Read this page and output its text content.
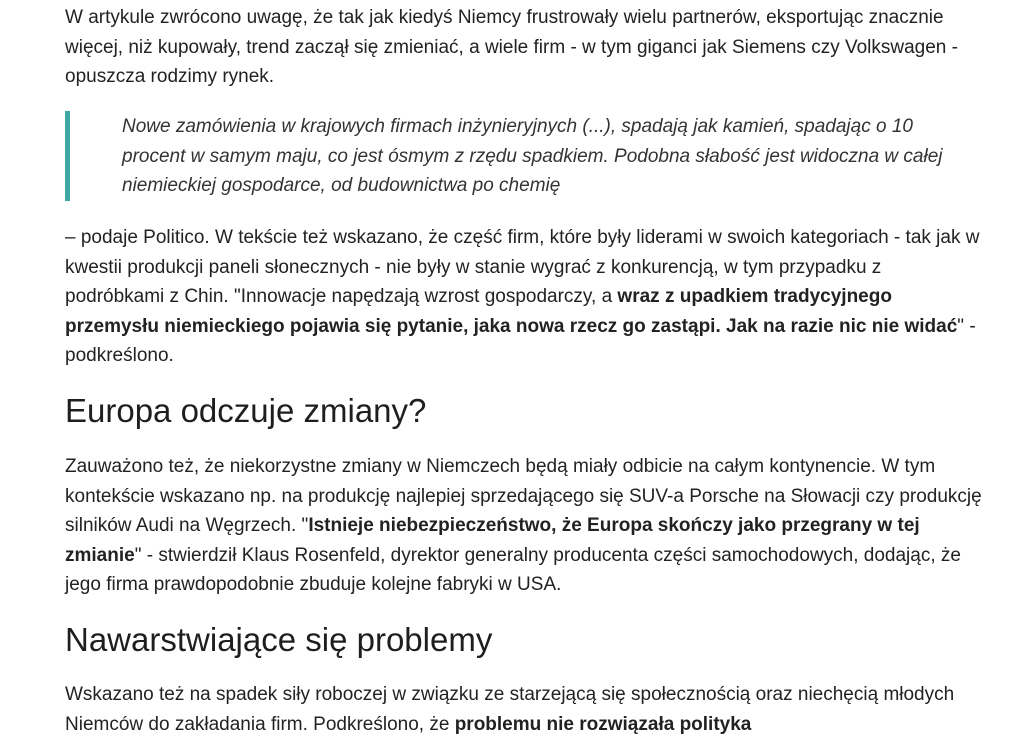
W artykule zwrócono uwagę, że tak jak kiedyś Niemcy frustrowały wielu partnerów, eksportując znacznie więcej, niż kupowały, trend zaczął się zmieniać, a wiele firm - w tym giganci jak Siemens czy Volkswagen - opuszcza rodzimy rynek.

Nowe zamówienia w krajowych firmach inżynieryjnych (...), spadają jak kamień, spadając o 10 procent w samym maju, co jest ósmym z rzędu spadkiem. Podobna słabość jest widoczna w całej niemieckiej gospodarce, od budownictwa po chemię

– podaje Politico. W tekście też wskazano, że część firm, które były liderami w swoich kategoriach - tak jak w kwestii produkcji paneli słonecznych - nie były w stanie wygrać z konkurencją, w tym przypadku z podróbkami z Chin. "Innowacje napędzają wzrost gospodarczy, a wraz z upadkiem tradycyjnego przemysłu niemieckiego pojawia się pytanie, jaka nowa rzecz go zastąpi. Jak na razie nic nie widać" - podkreślono.

Europa odczuje zmiany?

Zauważono też, że niekorzystne zmiany w Niemczech będą miały odbicie na całym kontynencie. W tym kontekście wskazano np. na produkcję najlepiej sprzedającego się SUV-a Porsche na Słowacji czy produkcję silników Audi na Węgrzech. "Istnieje niebezpieczeństwo, że Europa skończy jako przegrany w tej zmianie" - stwierdził Klaus Rosenfeld, dyrektor generalny producenta części samochodowych, dodając, że jego firma prawdopodobnie zbuduje kolejne fabryki w USA.

Nawarstwiające się problemy

Wskazano też na spadek siły roboczej w związku ze starzejącą się społecznością oraz niechęcią młodych Niemców do zakładania firm. Podkreślono, że problemu nie rozwiązała polityka
